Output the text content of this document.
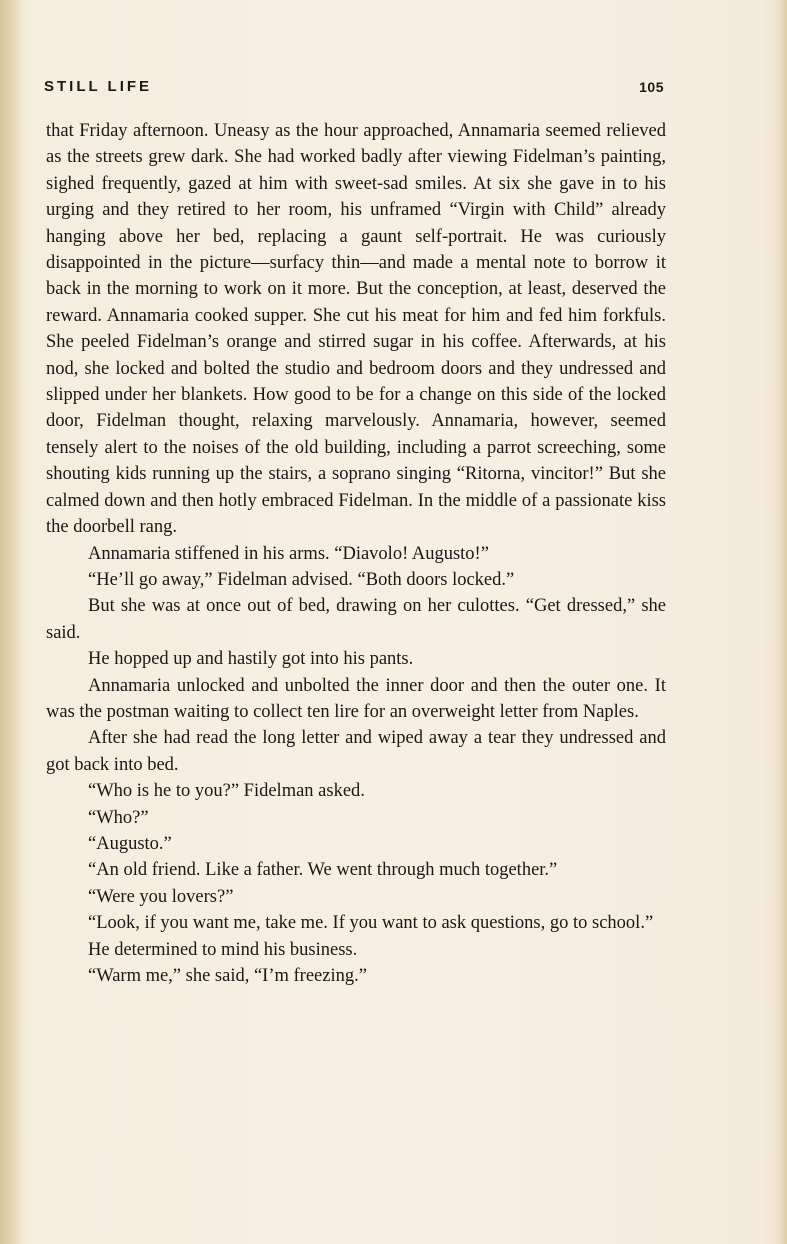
STILL LIFE	105

that Friday afternoon. Uneasy as the hour approached, Annamaria seemed relieved as the streets grew dark. She had worked badly after viewing Fidelman’s painting, sighed frequently, gazed at him with sweet-sad smiles. At six she gave in to his urging and they retired to her room, his unframed “Virgin with Child” already hanging above her bed, replacing a gaunt self-portrait. He was curiously disappointed in the picture—surfacy thin—and made a mental note to borrow it back in the morning to work on it more. But the conception, at least, deserved the reward. Annamaria cooked supper. She cut his meat for him and fed him forkfuls. She peeled Fidelman’s orange and stirred sugar in his coffee. Afterwards, at his nod, she locked and bolted the studio and bedroom doors and they undressed and slipped under her blankets. How good to be for a change on this side of the locked door, Fidelman thought, relaxing marvelously. Annamaria, however, seemed tensely alert to the noises of the old building, including a parrot screeching, some shouting kids running up the stairs, a soprano singing “Ritorna, vincitor!” But she calmed down and then hotly embraced Fidelman. In the middle of a passionate kiss the doorbell rang.

Annamaria stiffened in his arms. “Diavolo! Augusto!”

“He’ll go away,” Fidelman advised. “Both doors locked.”

But she was at once out of bed, drawing on her culottes. “Get dressed,” she said.

He hopped up and hastily got into his pants.

Annamaria unlocked and unbolted the inner door and then the outer one. It was the postman waiting to collect ten lire for an overweight letter from Naples.

After she had read the long letter and wiped away a tear they undressed and got back into bed.

“Who is he to you?” Fidelman asked.

“Who?”

“Augusto.”

“An old friend. Like a father. We went through much together.”

“Were you lovers?”

“Look, if you want me, take me. If you want to ask questions, go to school.”

He determined to mind his business.

“Warm me,” she said, “I’m freezing.”
